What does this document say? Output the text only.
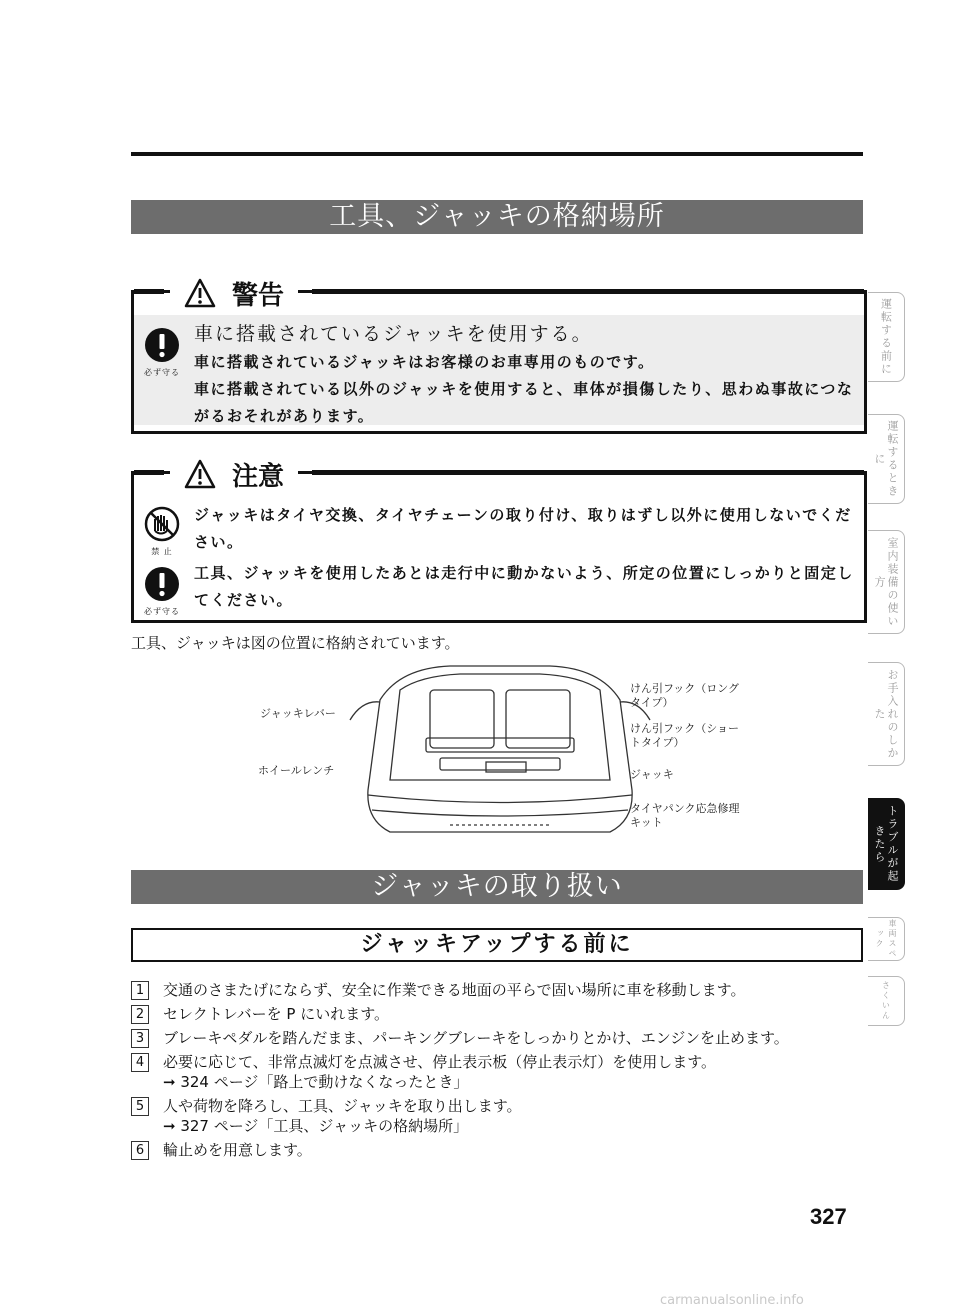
工具、ジャッキの格納場所
警告
必ず守る
車に搭載されているジャッキを使用する。
車に搭載されているジャッキはお客様のお車専用のものです。
車に搭載されている以外のジャッキを使用すると、車体が損傷したり、思わぬ事故につながるおそれがあります。
注意
禁 止
ジャッキはタイヤ交換、タイヤチェーンの取り付け、取りはずし以外に使用しないでください。
必ず守る
工具、ジャッキを使用したあとは走行中に動かないよう、所定の位置にしっかりと固定してください。
工具、ジャッキは図の位置に格納されています。
ジャッキレバー
ホイールレンチ
けん引フック（ロングタイプ）
けん引フック（ショートタイプ）
ジャッキ
タイヤパンク応急修理キット
ジャッキの取り扱い
ジャッキアップする前に
1	交通のさまたげにならず、安全に作業できる地面の平らで固い場所に車を移動します。
2	セレクトレバーを P にいれます。
3	ブレーキペダルを踏んだまま、パーキングブレーキをしっかりとかけ、エンジンを止めます。
4	必要に応じて、非常点滅灯を点滅させ、停止表示板（停止表示灯）を使用します。
➞ 324 ページ「路上で動けなくなったとき」
5	人や荷物を降ろし、工具、ジャッキを取り出します。
➞ 327 ページ「工具、ジャッキの格納場所」
6	輪止めを用意します。
327
運転する前に
運転するときに
室内装備の使い方
お手入れのしかた
トラブルが起きたら
車両スペック
さくいん
carmanualsonline.info
